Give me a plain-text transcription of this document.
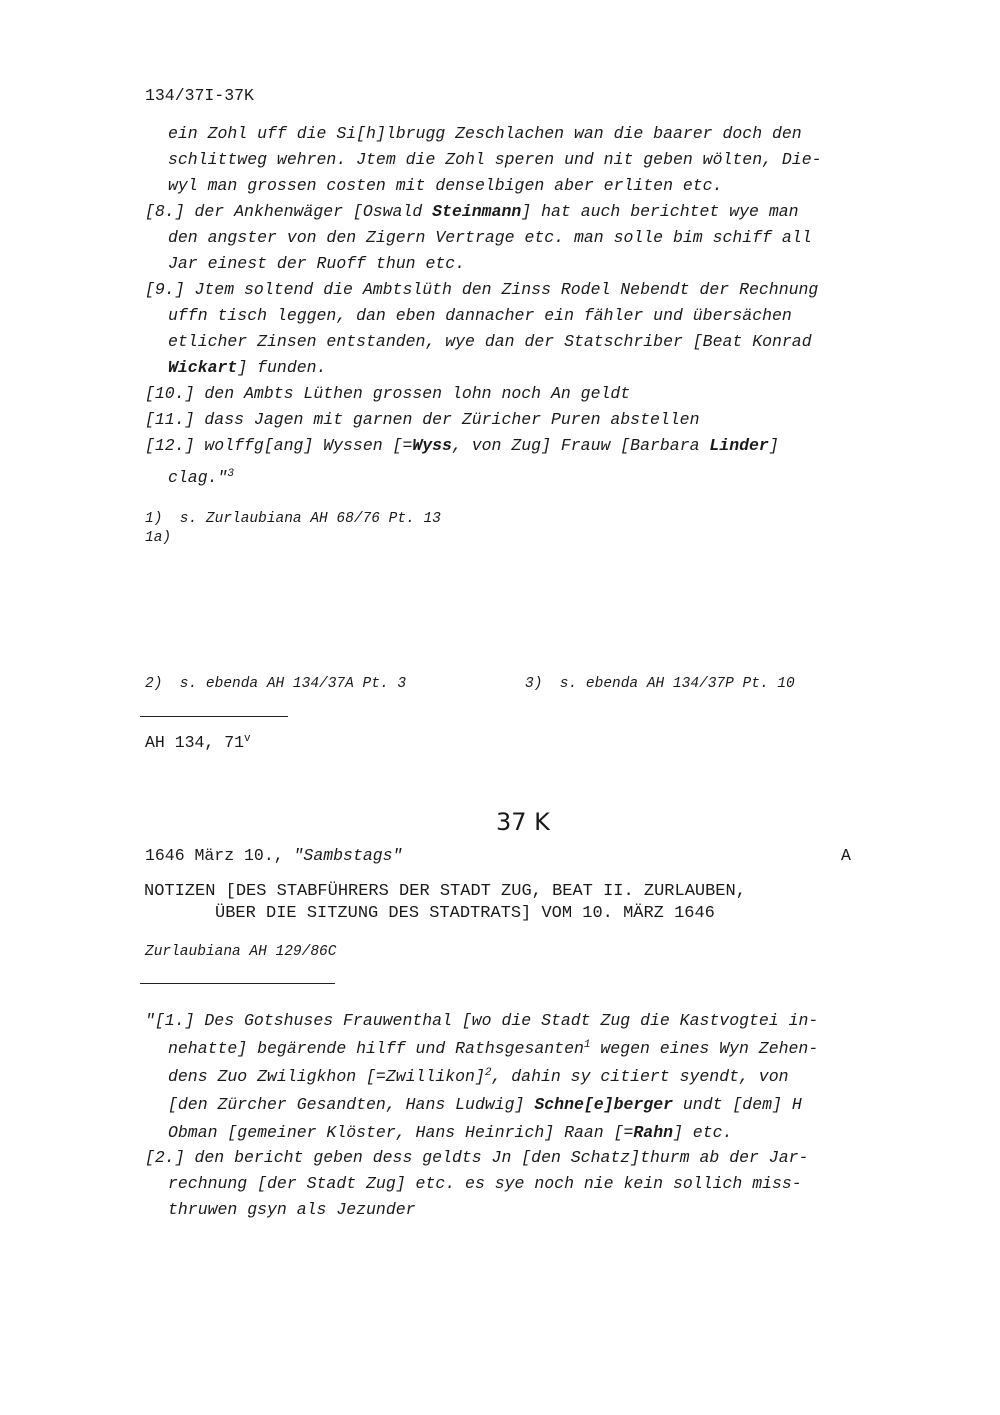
134/37I-37K
ein Zohl uff die Si[h]lbrugg Zeschlachen wan die baarer doch den
schlittweg wehren. Jtem die Zohl speren und nit geben wölten, Die-
wyl man grossen costen mit denselbigen aber erliten etc.
[8.] der Ankhenwäger [Oswald Steinmann] hat auch berichtet wye man
den angster von den Zigern Vertrage etc. man solle bim schiff all
Jar einest der Ruoff thun etc.
[9.] Jtem soltend die Ambtslüth den Zinss Rodel Nebendt der Rechnung
uffn tisch leggen, dan eben dannacher ein fähler und übersächen
etlicher Zinsen entstanden, wye dan der Statschriber [Beat Konrad
Wickart] funden.
[10.] den Ambts Lüthen grossen lohn noch An geldt
[11.] dass Jagen mit garnen der Züricher Puren abstellen
[12.] wolffg[ang] Wyssen [=Wyss, von Zug] Frauw [Barbara Linder]
clag."$^3$
1)  s. Zurlaubiana AH 68/76 Pt. 13
1a)
2)  s. ebenda AH 134/37A Pt. 3	3)  s. ebenda AH 134/37P Pt. 10
AH 134, 71$^v$
37 K
1646 März 10., "Sambstags"	A
NOTIZEN [DES STABFÜHRERS DER STADT ZUG, BEAT II. ZURLAUBEN,
ÜBER DIE SITZUNG DES STADTRATS] VOM 10. MÄRZ 1646
Zurlaubiana AH 129/86C
"[1.] Des Gotshuses Frauwenthal [wo die Stadt Zug die Kastvogtei in-
nehatte] begärende hilff und Rathsgesanten$^1$ wegen eines Wyn Zehen-
dens Zuo Zwiligkhon [=Zwillikon]$^2$, dahin sy citiert syendt, von
[den Zürcher Gesandten, Hans Ludwig] Schne[e]berger undt [dem] H
Obman [gemeiner Klöster, Hans Heinrich] Raan [=Rahn] etc.
[2.] den bericht geben dess geldts Jn [den Schatz]thurm ab der Jar-
rechnung [der Stadt Zug] etc. es sye noch nie kein sollich miss-
thruwen gsyn als Jezunder
